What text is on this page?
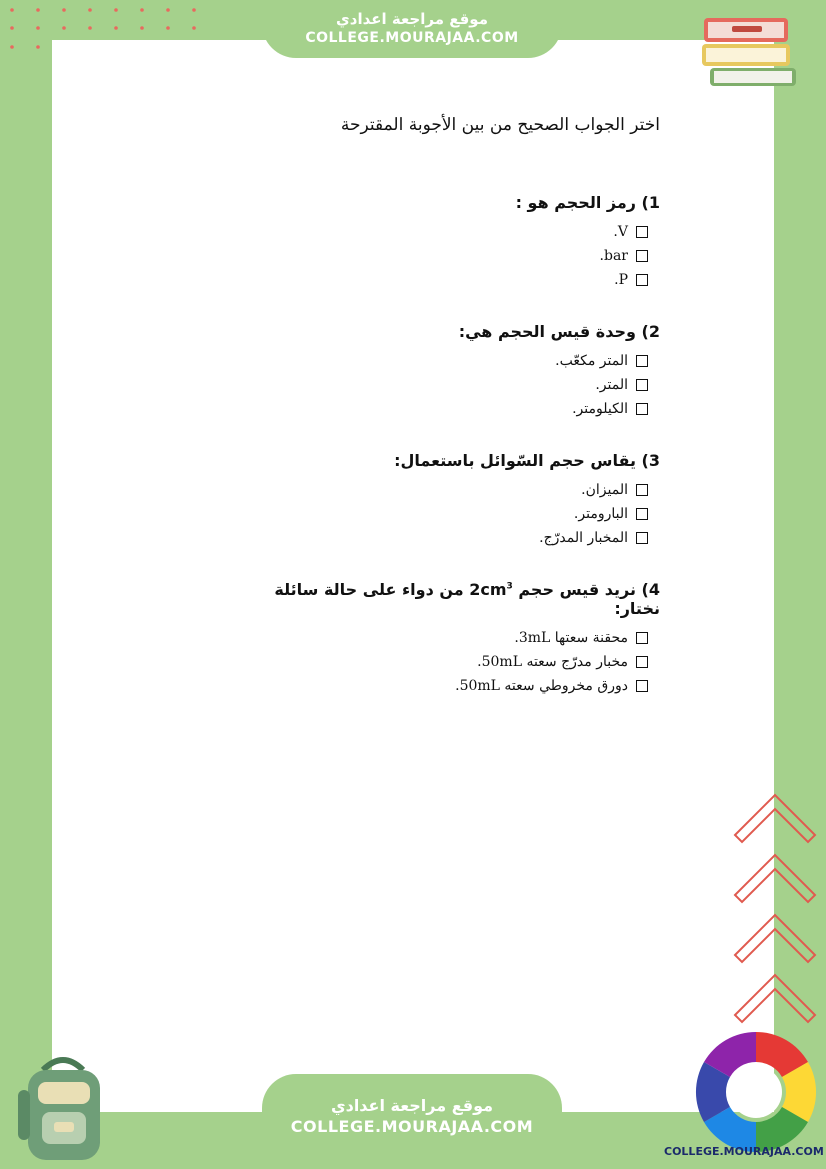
موقع مراجعة اعدادي
COLLEGE.MOURAJAA.COM

اختر الجواب الصحيح من بين الأجوبة المقترحة

1) رمز الحجم هو :
V.
bar.
P.
2) وحدة قيس الحجم هي:
المتر مكعّب.
المتر.
الكيلومتر.
3) يقاس حجم السّوائل باستعمال:
الميزان.
البارومتر.
المخبار المدرّج.
4) نريد قيس حجم $2cm^3$ من دواء على حالة سائلة نختار:
محقنة سعتها 3mL.
مخبار مدرّج سعته 50mL.
دورق مخروطي سعته 50mL.
موقع مراجعة اعدادي
COLLEGE.MOURAJAA.COM
COLLEGE.MOURAJAA.COM
